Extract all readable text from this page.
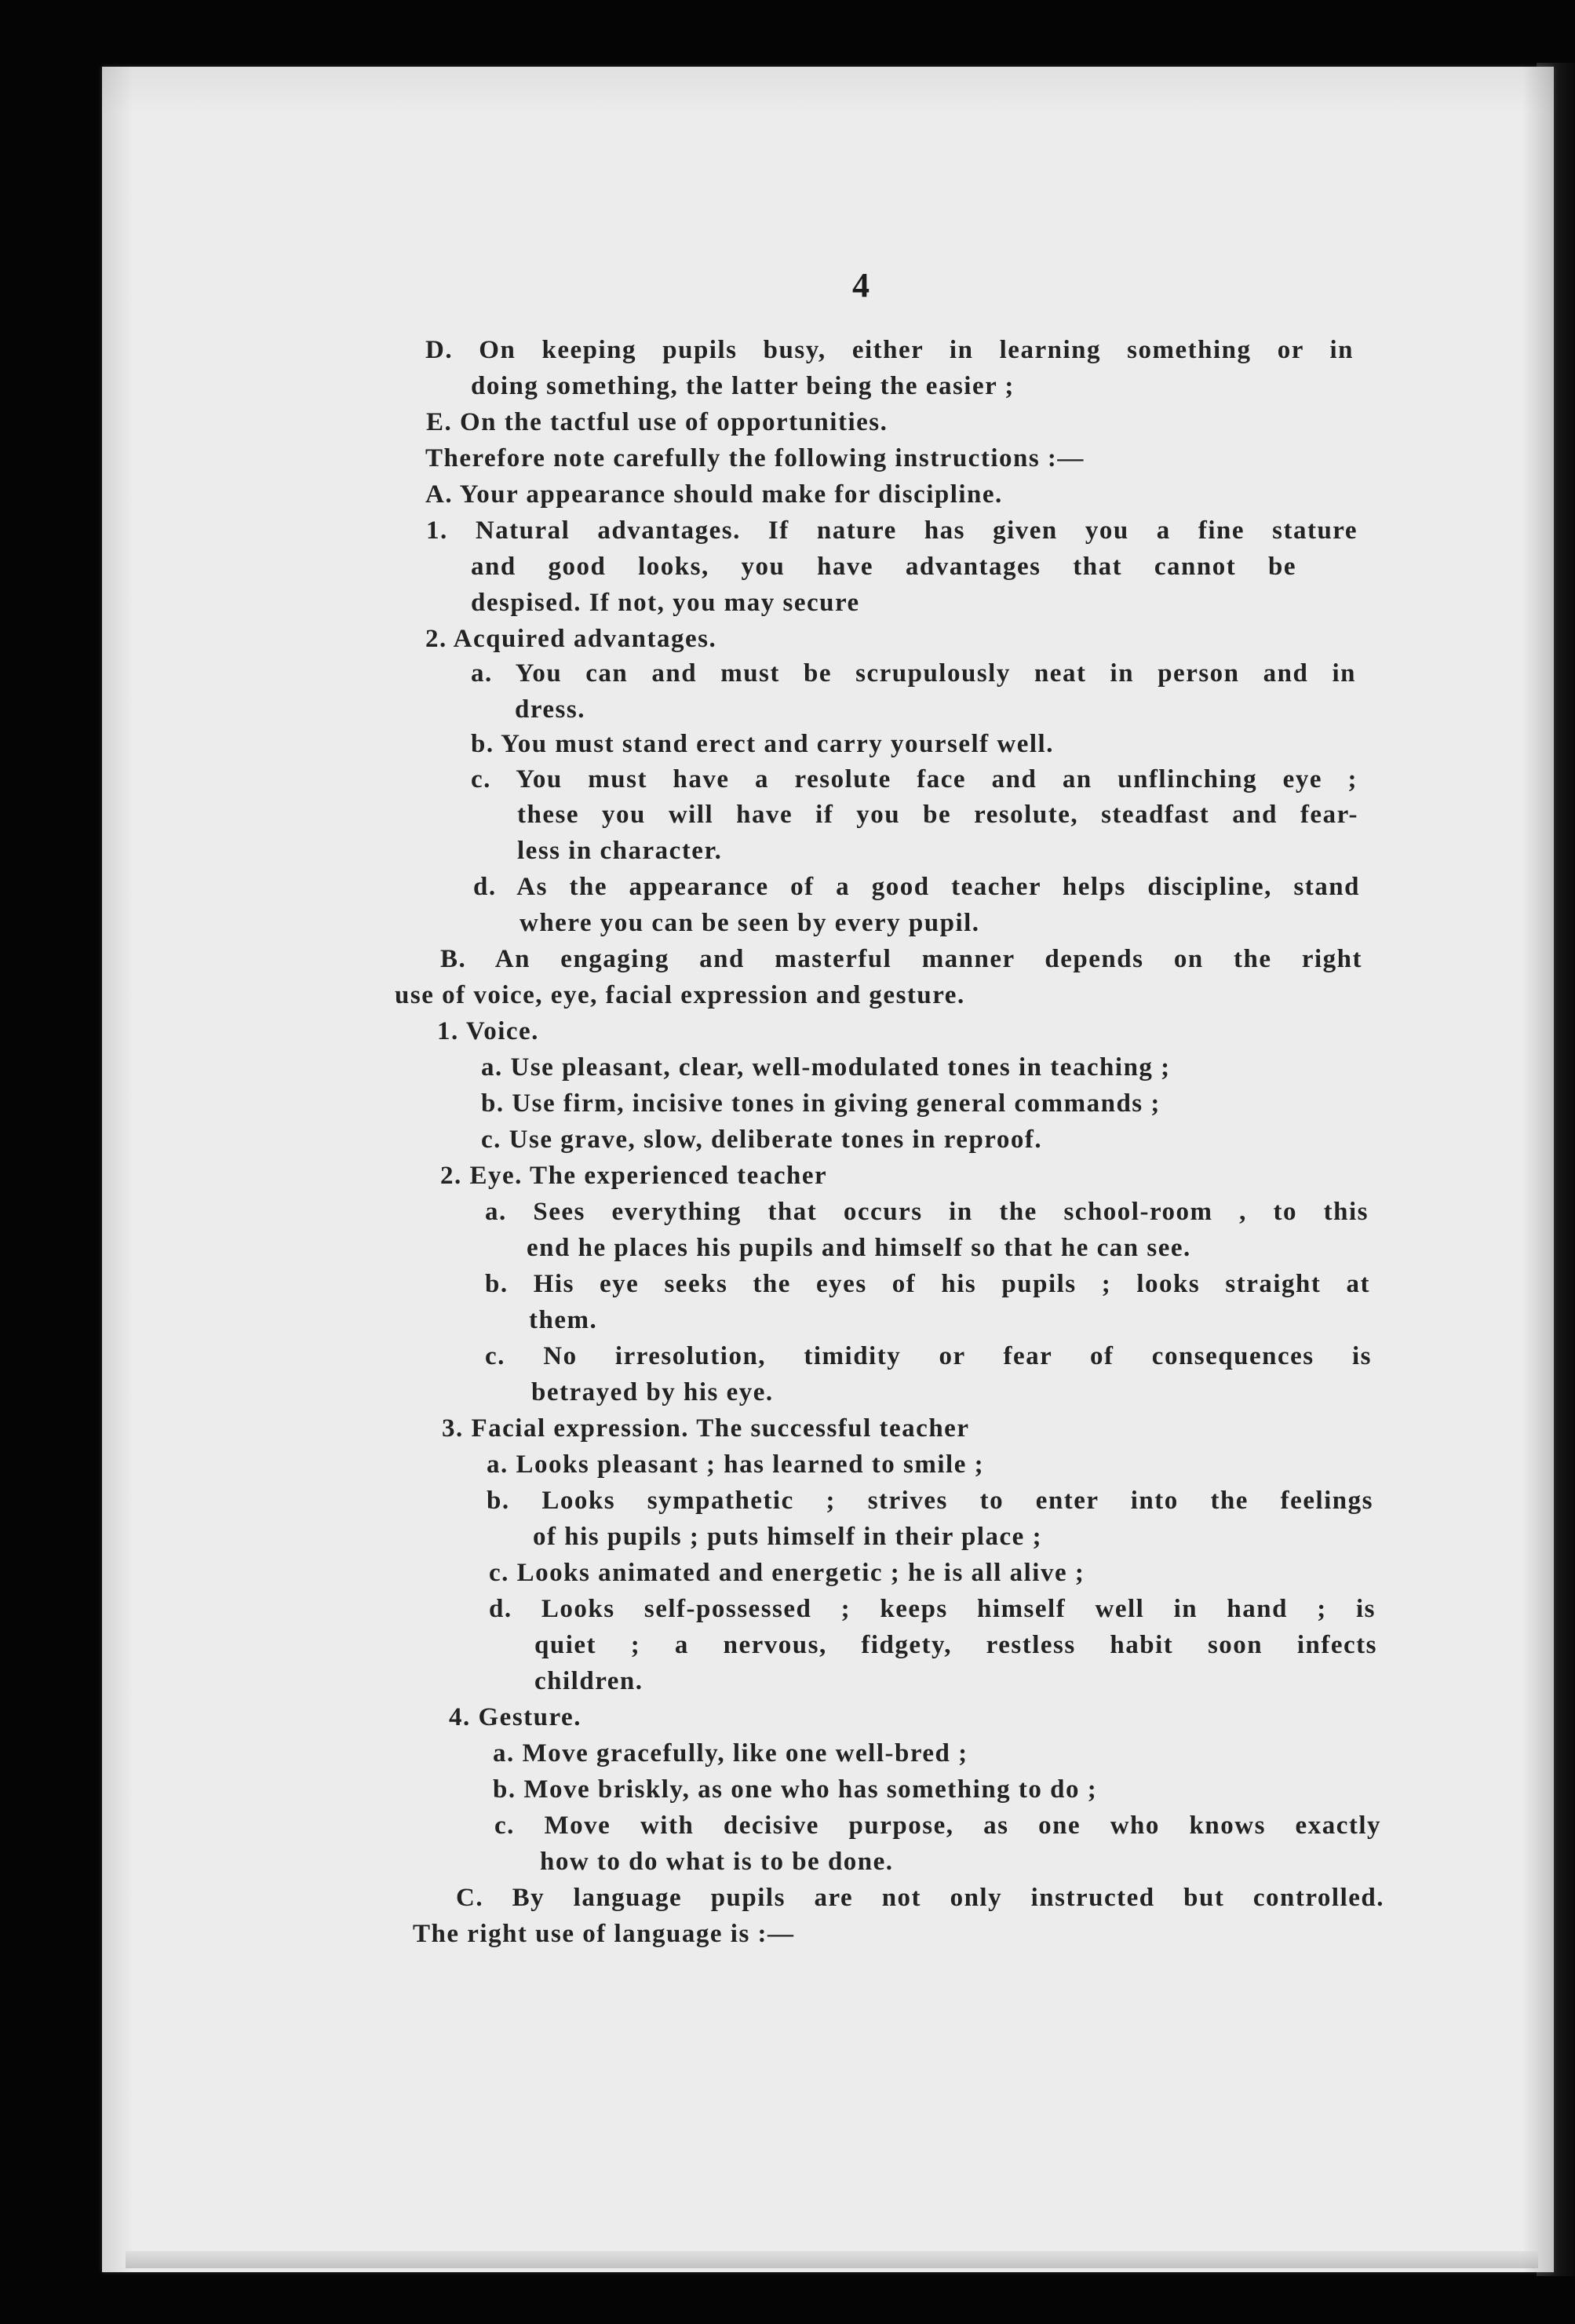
4
D. On keeping pupils busy, either in learning something or in
doing something, the latter being the easier ;
E. On the tactful use of opportunities.
Therefore note carefully the following instructions :—
A. Your appearance should make for discipline.
1. Natural advantages. If nature has given you a fine stature
and good looks, you have advantages that cannot be
despised. If not, you may secure
2. Acquired advantages.
a. You can and must be scrupulously neat in person and in
dress.
b. You must stand erect and carry yourself well.
c. You must have a resolute face and an unflinching eye ;
these you will have if you be resolute, steadfast and fear-
less in character.
d. As the appearance of a good teacher helps discipline, stand
where you can be seen by every pupil.
B. An engaging and masterful manner depends on the right
use of voice, eye, facial expression and gesture.
1. Voice.
a. Use pleasant, clear, well-modulated tones in teaching ;
b. Use firm, incisive tones in giving general commands ;
c. Use grave, slow, deliberate tones in reproof.
2. Eye. The experienced teacher
a. Sees everything that occurs in the school-room , to this
end he places his pupils and himself so that he can see.
b. His eye seeks the eyes of his pupils ; looks straight at
them.
c. No irresolution, timidity or fear of consequences is
betrayed by his eye.
3. Facial expression. The successful teacher
a. Looks pleasant ; has learned to smile ;
b. Looks sympathetic ; strives to enter into the feelings
of his pupils ; puts himself in their place ;
c. Looks animated and energetic ; he is all alive ;
d. Looks self-possessed ; keeps himself well in hand ; is
quiet ; a nervous, fidgety, restless habit soon infects
children.
4. Gesture.
a. Move gracefully, like one well-bred ;
b. Move briskly, as one who has something to do ;
c. Move with decisive purpose, as one who knows exactly
how to do what is to be done.
C. By language pupils are not only instructed but controlled.
The right use of language is :—
